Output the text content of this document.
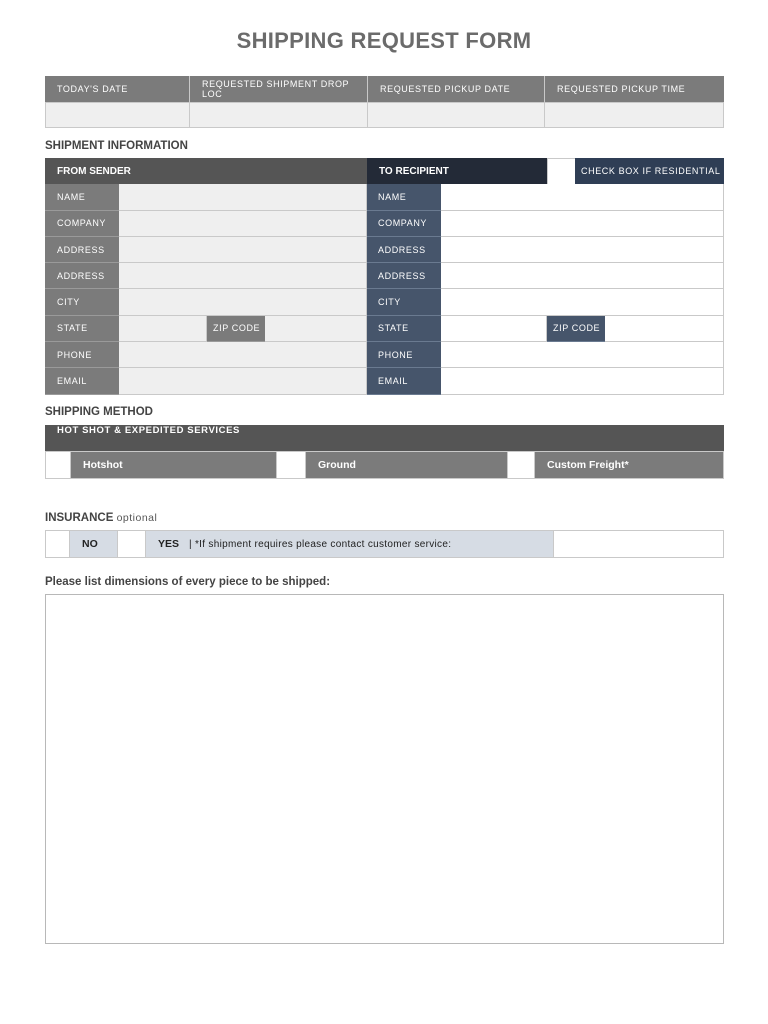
SHIPPING REQUEST FORM
TODAY'S DATE	REQUESTED SHIPMENT DROP LOC	REQUESTED PICKUP DATE	REQUESTED PICKUP TIME
SHIPMENT INFORMATION
FROM SENDER	TO RECIPIENT	CHECK BOX IF RESIDENTIAL
NAME	NAME
COMPANY	COMPANY
ADDRESS	ADDRESS
ADDRESS	ADDRESS
CITY	CITY
STATE	ZIP CODE	STATE	ZIP CODE
PHONE	PHONE
EMAIL	EMAIL
SHIPPING METHOD
HOT SHOT & EXPEDITED SERVICES
Hotshot	Ground	Custom Freight*
INSURANCE optional
NO	YES | *If shipment requires please contact customer service:
Please list dimensions of every piece to be shipped:
